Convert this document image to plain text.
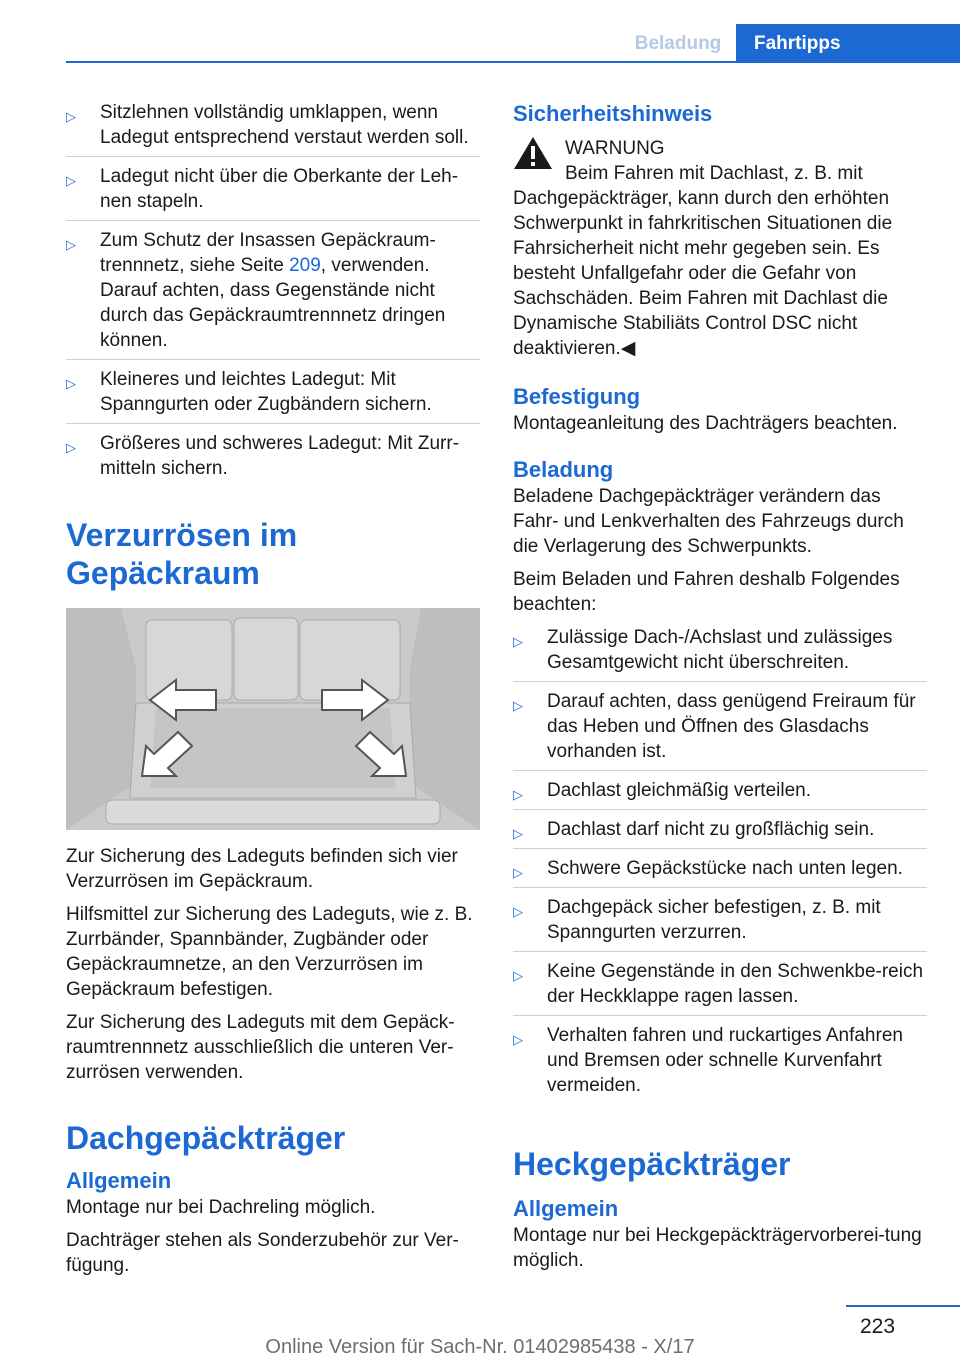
Beladung	Fahrtipps
▷ Sitzlehnen vollständig umklappen, wenn Ladegut entsprechend verstaut werden soll.
▷ Ladegut nicht über die Oberkante der Leh-nen stapeln.
▷ Zum Schutz der Insassen Gepäckraum-trennnetz, siehe Seite 209, verwenden. Darauf achten, dass Gegenstände nicht durch das Gepäckraumtrennnetz dringen können.
▷ Kleineres und leichtes Ladegut: Mit Spanngurten oder Zugbändern sichern.
▷ Größeres und schweres Ladegut: Mit Zurr-mitteln sichern.
Verzurrösen im Gepäckraum

Zur Sicherung des Ladeguts befinden sich vier Verzurrösen im Gepäckraum.

Hilfsmittel zur Sicherung des Ladeguts, wie z. B. Zurrbänder, Spannbänder, Zugbänder oder Gepäckraumnetze, an den Verzurrösen im Gepäckraum befestigen.

Zur Sicherung des Ladeguts mit dem Gepäck-raumtrennnetz ausschließlich die unteren Ver-zurrösen verwenden.

Dachgepäckträger
Allgemein

Montage nur bei Dachreling möglich.

Dachträger stehen als Sonderzubehör zur Ver-fügung.

Sicherheitshinweis
WARNUNG
Beim Fahren mit Dachlast, z. B. mit

Dachgepäckträger, kann durch den erhöhten Schwerpunkt in fahrkritischen Situationen die Fahrsicherheit nicht mehr gegeben sein. Es besteht Unfallgefahr oder die Gefahr von Sachschäden. Beim Fahren mit Dachlast die Dynamische Stabiliäts Control DSC nicht deaktivieren.◀

Befestigung

Montageanleitung des Dachträgers beachten.

Beladung

Beladene Dachgepäckträger verändern das Fahr- und Lenkverhalten des Fahrzeugs durch die Verlagerung des Schwerpunkts.

Beim Beladen und Fahren deshalb Folgendes beachten:

▷ Zulässige Dach-/Achslast und zulässiges Gesamtgewicht nicht überschreiten.
▷ Darauf achten, dass genügend Freiraum für das Heben und Öffnen des Glasdachs vorhanden ist.
▷ Dachlast gleichmäßig verteilen.
▷ Dachlast darf nicht zu großflächig sein.
▷ Schwere Gepäckstücke nach unten legen.
▷ Dachgepäck sicher befestigen, z. B. mit Spanngurten verzurren.
▷ Keine Gegenstände in den Schwenkbe-reich der Heckklappe ragen lassen.
▷ Verhalten fahren und ruckartiges Anfahren und Bremsen oder schnelle Kurvenfahrt vermeiden.
Heckgepäckträger
Allgemein

Montage nur bei Heckgepäckträgervorberei-tung möglich.

223
Online Version für Sach-Nr. 01402985438 - X/17
